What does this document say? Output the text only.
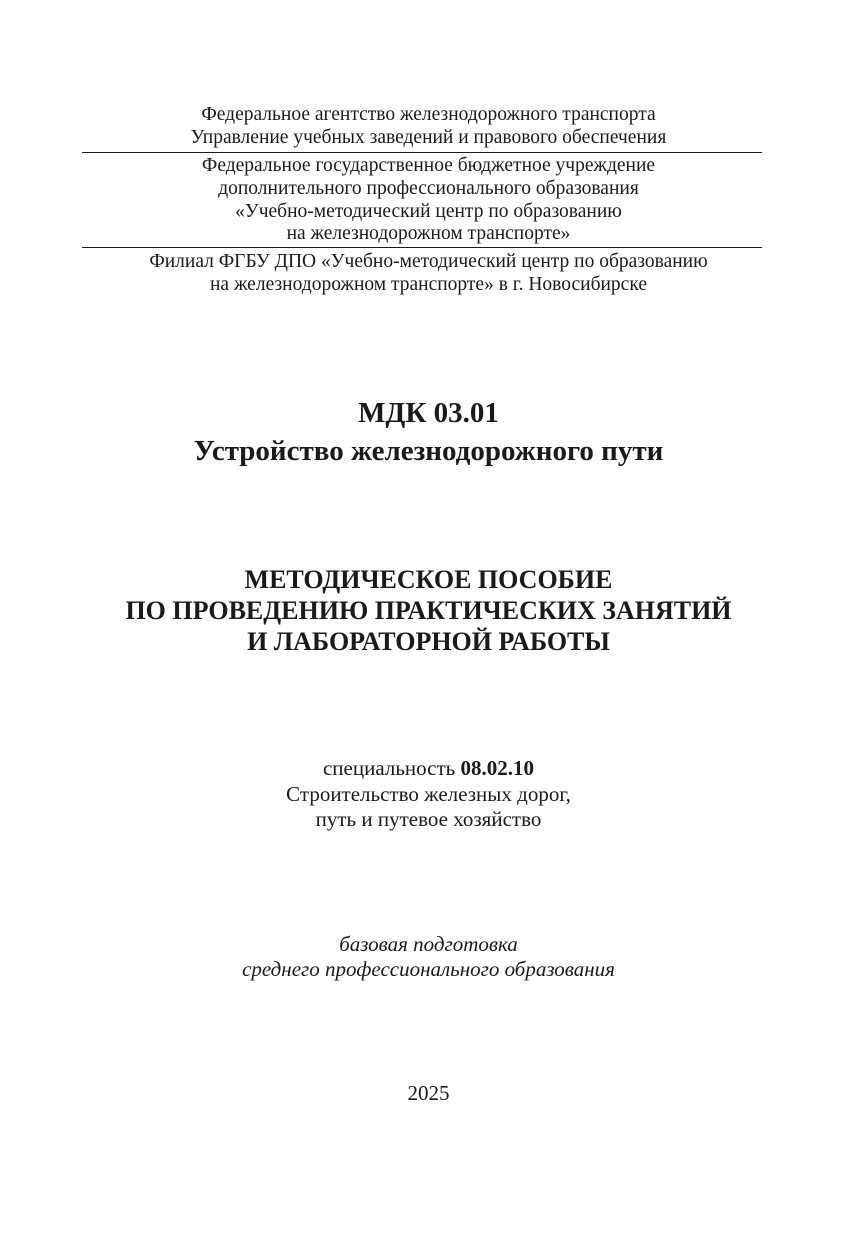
Федеральное агентство железнодорожного транспорта
Управление учебных заведений и правового обеспечения
Федеральное государственное бюджетное учреждение
дополнительного профессионального образования
«Учебно-методический центр по образованию
на железнодорожном транспорте»
Филиал ФГБУ ДПО «Учебно-методический центр по образованию
на железнодорожном транспорте» в г. Новосибирске
МДК 03.01
Устройство железнодорожного пути
МЕТОДИЧЕСКОЕ ПОСОБИЕ
ПО ПРОВЕДЕНИЮ ПРАКТИЧЕСКИХ ЗАНЯТИЙ
И ЛАБОРАТОРНОЙ РАБОТЫ
специальность 08.02.10
Строительство железных дорог,
путь и путевое хозяйство
базовая подготовка
среднего профессионального образования
2025
